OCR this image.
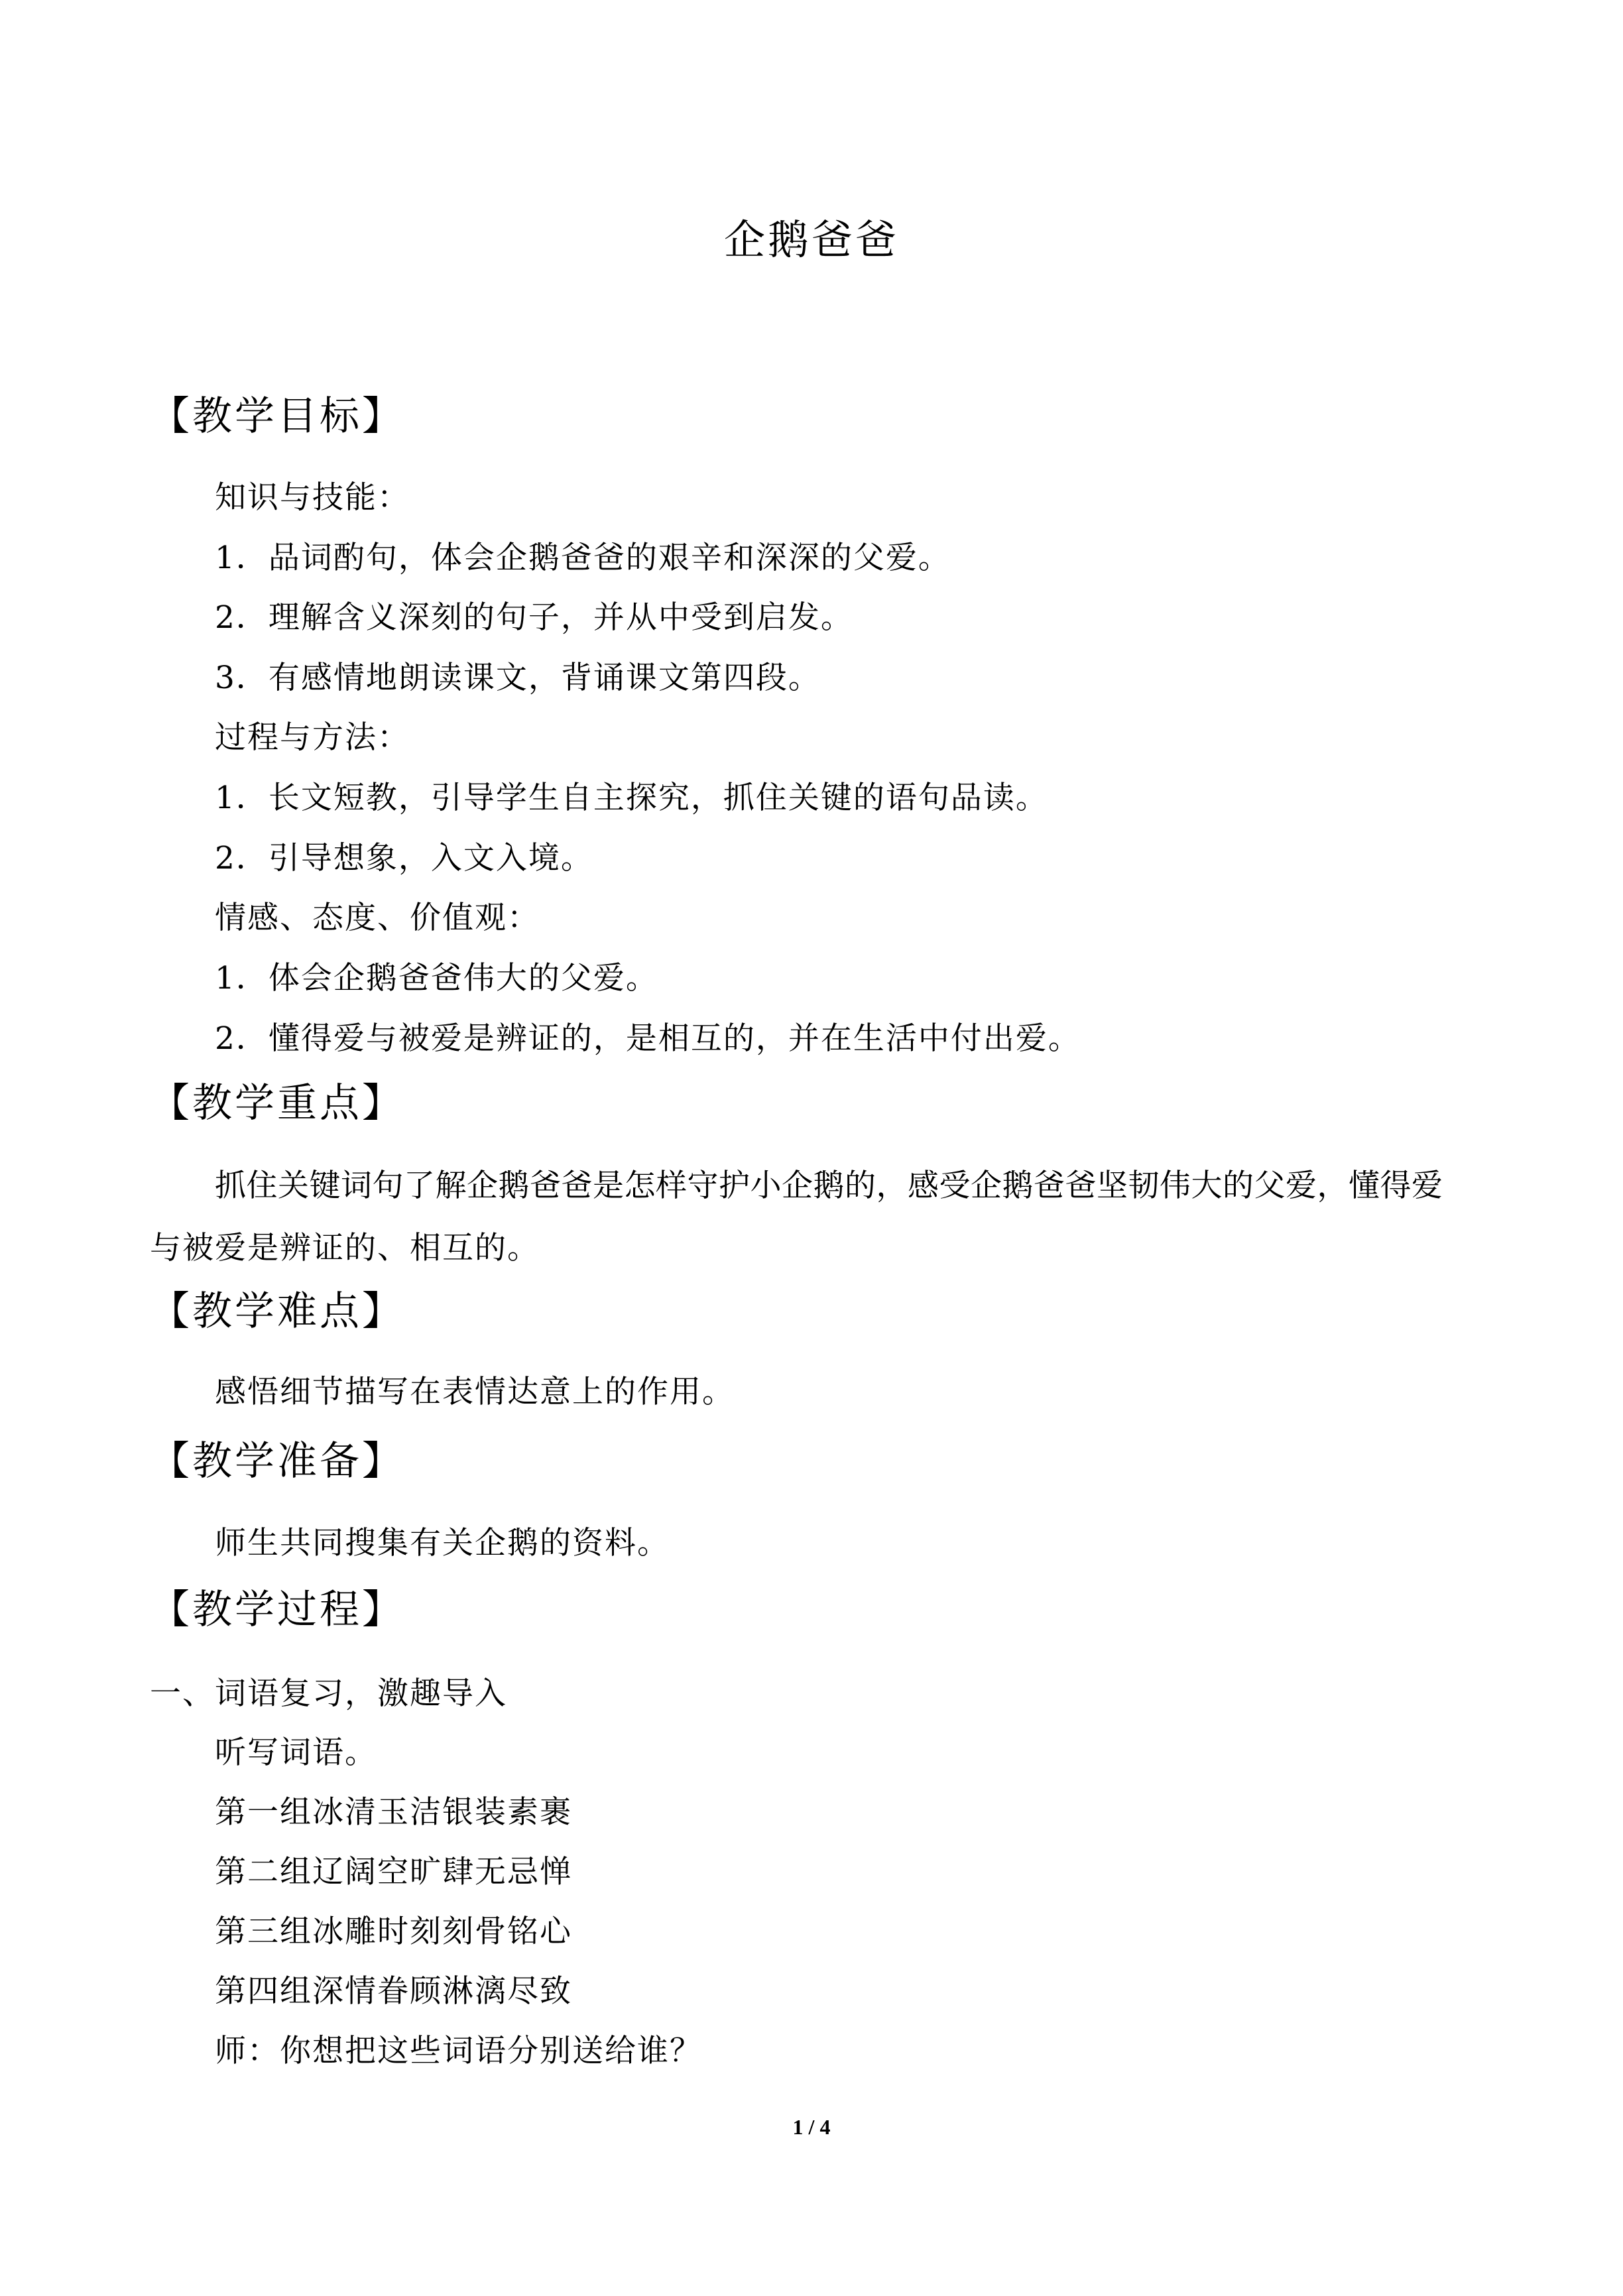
企鹅爸爸
【教学目标】
知识与技能：
1．品词酌句，体会企鹅爸爸的艰辛和深深的父爱。
2．理解含义深刻的句子，并从中受到启发。
3．有感情地朗读课文，背诵课文第四段。
过程与方法：
1．长文短教，引导学生自主探究，抓住关键的语句品读。
2．引导想象，入文入境。
情感、态度、价值观：
1．体会企鹅爸爸伟大的父爱。
2．懂得爱与被爱是辨证的，是相互的，并在生活中付出爱。
【教学重点】
抓住关键词句了解企鹅爸爸是怎样守护小企鹅的，感受企鹅爸爸坚韧伟大的父爱，懂得爱
与被爱是辨证的、相互的。
【教学难点】
感悟细节描写在表情达意上的作用。
【教学准备】
师生共同搜集有关企鹅的资料。
【教学过程】
一、词语复习，激趣导入
听写词语。
第一组冰清玉洁银装素裹
第二组辽阔空旷肆无忌惮
第三组冰雕时刻刻骨铭心
第四组深情眷顾淋漓尽致
师：你想把这些词语分别送给谁？
1 / 4
